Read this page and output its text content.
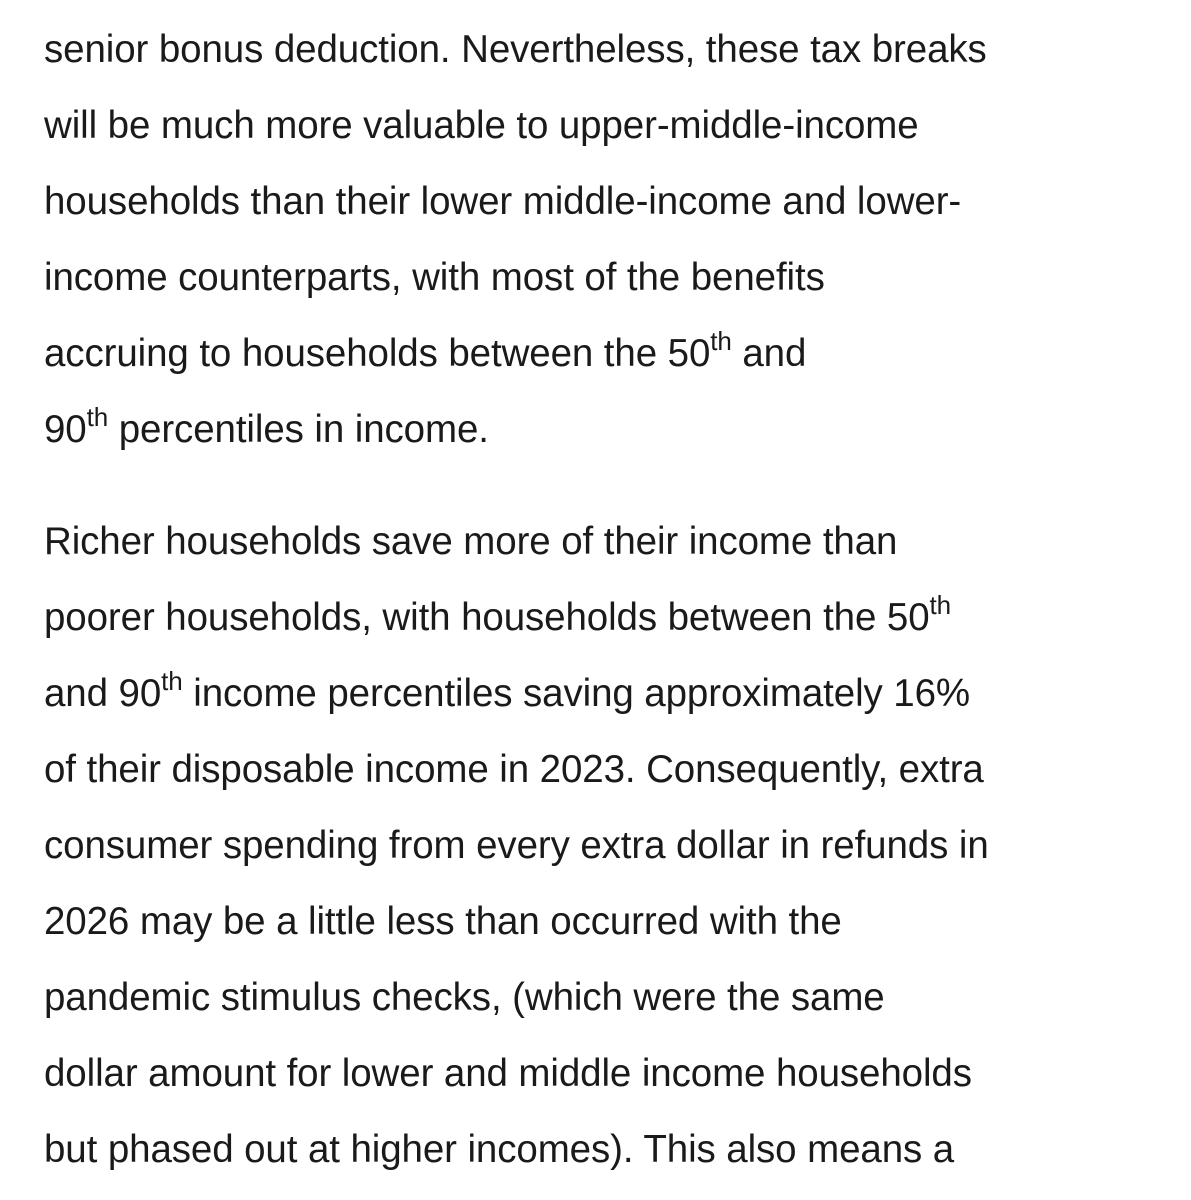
senior bonus deduction. Nevertheless, these tax breaks
will be much more valuable to upper-middle-income
households than their lower middle-income and lower-
income counterparts, with most of the benefits
accruing to households between the 50th and
90th percentiles in income.

Richer households save more of their income than
poorer households, with households between the 50th
and 90th income percentiles saving approximately 16%
of their disposable income in 2023. Consequently, extra
consumer spending from every extra dollar in refunds in
2026 may be a little less than occurred with the
pandemic stimulus checks, (which were the same
dollar amount for lower and middle income households
but phased out at higher incomes). This also means a
